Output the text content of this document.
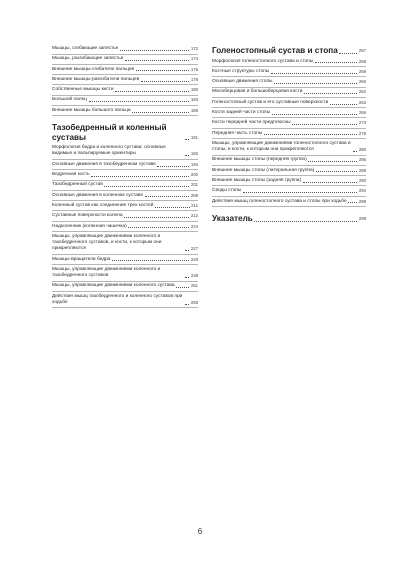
Мышцы, сгибающие запястье	172
Мышцы, разгибающие запястье	174
Внешние мышцы-сгибатели пальцев	176
Внешние мышцы-разгибатели пальцев	178
Собственные мышцы кисти	180
Большой палец	183
Внешние мышцы большого пальца	186
Тазобедренный и коленный суставы	191
Морфология бедра и коленного сустава: основные видимые и пальпируемые ориентиры	192
Основные движения в тазобедренном суставе	194
Бедренная кость	200
Тазобедренный сустав	201
Основные движения в коленном суставе	208
Коленный сустав как соединение трех костей	211
Суставные поверхности колена	212
Надколенник (коленная чашечка)	224
Мышцы, управляющие движениями коленного и тазобедренного суставов, и кости, к которым они прикрепляются	227
Мышцы-вращатели бедра	228
Мышцы, управляющие движениями коленного и тазобедренного суставов	238
Мышцы, управляющие движениями коленного сустава	251
Действия мышц тазобедренного и коленного суставов при ходьбе	255
Голеностопный сустав и стопа	257
Морфология голеностопного сустава и стопы	258
Костные структуры стопы	259
Основные движения стопы	260
Малоберцовая и большеберцовая кости	262
Голеностопный сустав и его суставные поверхности	263
Кости задней части стопы	266
Кости передней части предплюсны	273
Передняя часть стопы	276
Мышцы, управляющие движениями голеностопного сустава и стопы, и кости, к которым они прикрепляются	280
Внешние мышцы стопы (передняя группа)	286
Внешние мышцы стопы (латеральная группа)	288
Внешние мышцы стопы (задняя группа)	290
Своды стопы	294
Действия мышц голеностопного сустава и стопы при ходьбе	298
Указатель	299
6
